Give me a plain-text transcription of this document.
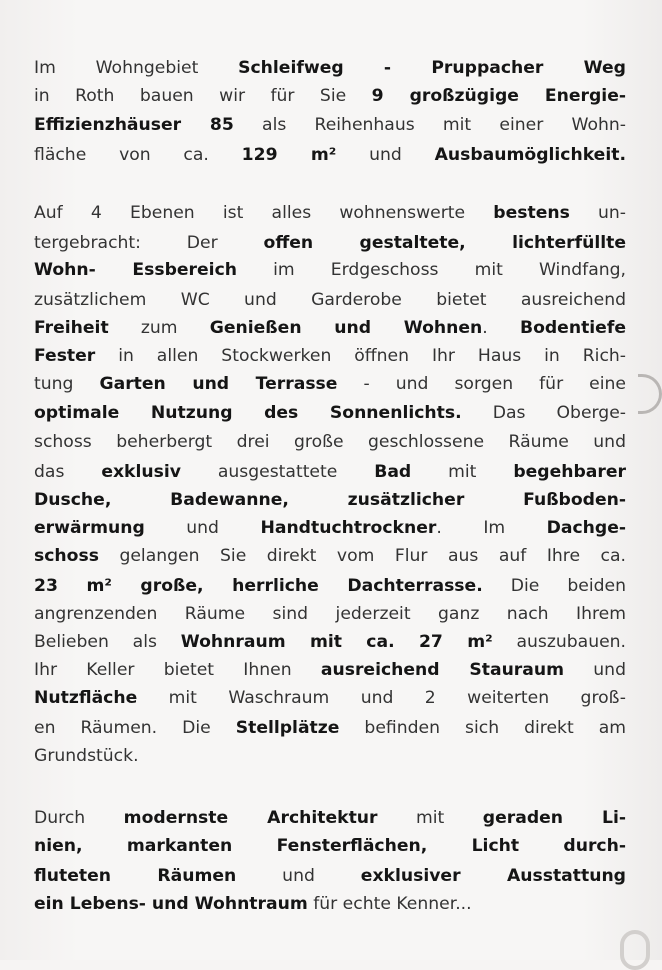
Im Wohngebiet Schleifweg - Pruppacher Weg
in Roth bauen wir für Sie 9 großzügige Energie-
Effizienzhäuser 85 als Reihenhaus mit einer Wohn-
fläche von ca. 129 m² und Ausbaumöglichkeit.
Auf 4 Ebenen ist alles wohnenswerte bestens un-
tergebracht: Der offen gestaltete, lichterfüllte
Wohn- Essbereich im Erdgeschoss mit Windfang,
zusätzlichem WC und Garderobe bietet ausreichend
Freiheit zum Genießen und Wohnen. Bodentiefe
Fester in allen Stockwerken öffnen Ihr Haus in Rich-
tung Garten und Terrasse - und sorgen für eine
optimale Nutzung des Sonnenlichts. Das Oberge-
schoss beherbergt drei große geschlossene Räume und
das exklusiv ausgestattete Bad mit begehbarer
Dusche, Badewanne, zusätzlicher Fußboden-
erwärmung und Handtuchtrockner. Im Dachge-
schoss gelangen Sie direkt vom Flur aus auf Ihre ca.
23 m² große, herrliche Dachterrasse. Die beiden
angrenzenden Räume sind jederzeit ganz nach Ihrem
Belieben als Wohnraum mit ca. 27 m² auszubauen.
Ihr Keller bietet Ihnen ausreichend Stauraum und
Nutzfläche mit Waschraum und 2 weiterten groß-
en Räumen. Die Stellplätze befinden sich direkt am
Grundstück.
Durch modernste Architektur mit geraden Li-
nien, markanten Fensterflächen, Licht durch-
fluteten Räumen und exklusiver Ausstattung
ein Lebens- und Wohntraum für echte Kenner...
